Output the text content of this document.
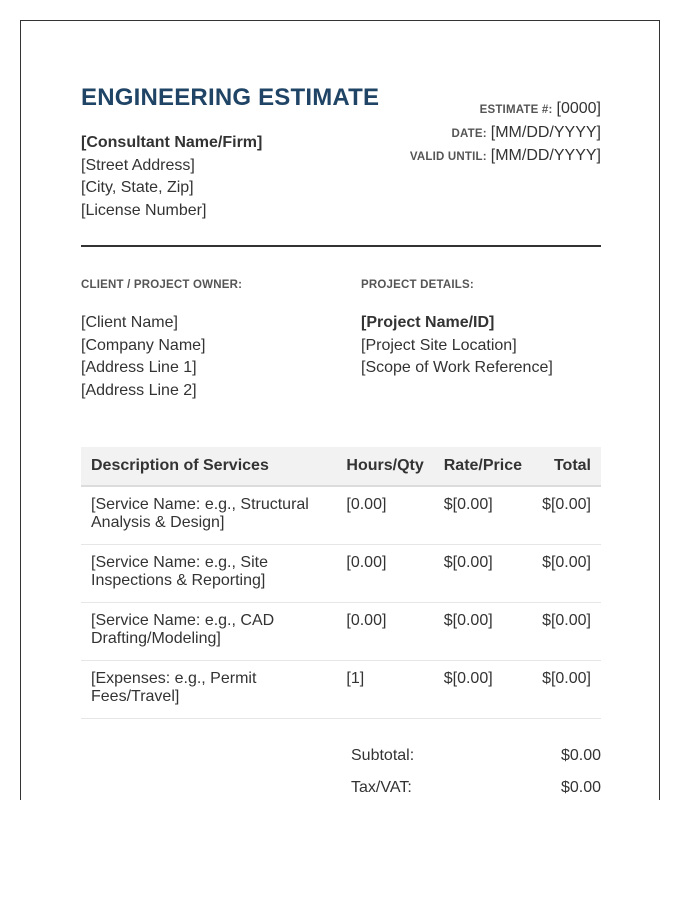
ENGINEERING ESTIMATE
[Consultant Name/Firm]
[Street Address]
[City, State, Zip]
[License Number]
ESTIMATE #: [0000]
DATE: [MM/DD/YYYY]
VALID UNTIL: [MM/DD/YYYY]
CLIENT / PROJECT OWNER:	PROJECT DETAILS:
[Client Name]
[Company Name]
[Address Line 1]
[Address Line 2]
[Project Name/ID]
[Project Site Location]
[Scope of Work Reference]
Description of Services	Hours/Qty	Rate/Price	Total
[Service Name: e.g., Structural Analysis & Design]	[0.00]	$[0.00]	$[0.00]
[Service Name: e.g., Site Inspections & Reporting]	[0.00]	$[0.00]	$[0.00]
[Service Name: e.g., CAD Drafting/Modeling]	[0.00]	$[0.00]	$[0.00]
[Expenses: e.g., Permit Fees/Travel]	[1]	$[0.00]	$[0.00]
Subtotal:	$0.00
Tax/VAT:	$0.00
